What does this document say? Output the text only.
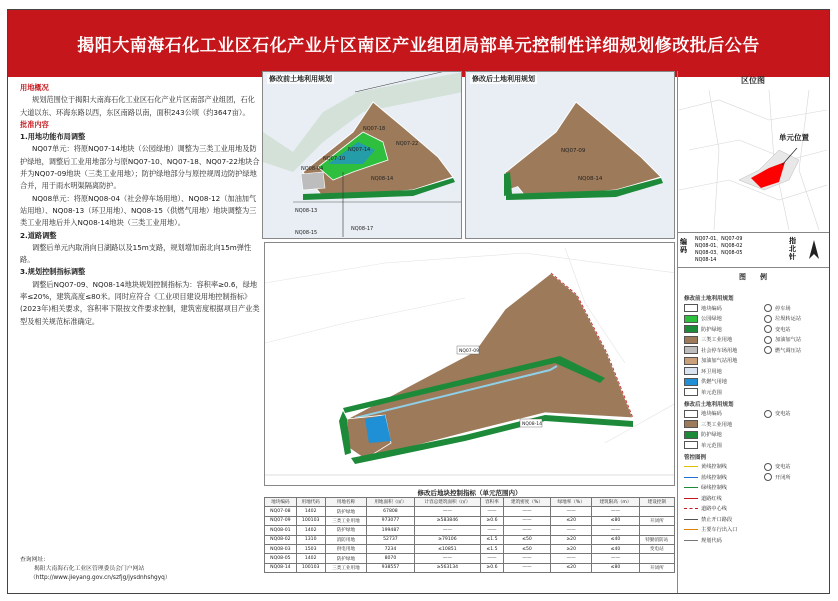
揭阳大南海石化工业区石化产业片区南区产业组团局部单元控制性详细规划修改批后公告
用地概况

规划范围位于揭阳大南海石化工业区石化产业片区南部产业组团，石化大道以东、环海东路以西，东区南路以南，面积243公顷（约3647亩）。

批准内容
1.用地功能布局调整

NQ07单元：将原NQ07-14地块（公园绿地）调整为三类工业用地及防护绿地，调整后工业用地部分与原NQ07-10、NQ07-18、NQ07-22地块合并为NQ07-09地块（三类工业用地）；防护绿地部分与原控规周边防护绿地合并，用于雨水明渠隔离防护。

NQ08单元：将原NQ08-04（社会停车场用地）、NQ08-12（加油加气站用地）、NQ08-13（环卫用地）、NQ08-15（供燃气用地）地块调整为三类工业用地后并入NQ08-14地块（三类工业用地）。

2.道路调整

调整后单元内取消向日湖路以及15m支路，规划增加南北向15m弹性路。

3.规划控制指标调整

调整后NQ07-09、NQ08-14地块规划控制指标为：容积率≥0.6，绿地率≤20%，建筑高度≤80米。同时应符合《工业项目建设用地控制指标》(2023年)相关要求，容积率下限按文件要求控制，建筑密度根据项目产业类型及相关规范标准确定。

查询网址：
揭阳大南海石化工业区管理委员会门户网站
（http://www.jieyang.gov.cn/szfjg/jysdnhshgyq）
NQ07-18
NQ07-14
NQ07-22
NQ07-10
NQ08-04
NQ08-14
NQ08-13
NQ08-15
NQ08-17
修改前土地利用规划
NQ07-09
NQ08-14
修改后土地利用规划
NQ07-09
NQ08-14
修改后地块控制指标（单元范围内）
地块编码	用地代码	用地名称	用地面积（㎡）	计容总建筑面积（㎡）	容积率	建筑密度（%）	绿地率（%）	建筑限高（m）	建设控制
NQ07-08	1402	防护绿地	67808	——	——	——	——	——	
NQ07-09	100103	三类工业用地	973077	≥583846	≥0.6	——	≤20	≤80	开闭所
NQ08-01	1402	防护绿地	199487	——	——	——	——	——	
NQ08-02	1310	消防用地	52737	≥79106	≤1.5	≤50	≥20	≤40	特勤消防站
NQ08-03	1503	供电用地	7234	≤10851	≤1.5	≤50	≥20	≤40	变电站
NQ08-05	1402	防护绿地	8070	——	——	——	——	——	
NQ08-14	100103	三类工业用地	938557	≥563134	≥0.6	——	≤20	≤80	开闭所
区位图
单元位置
编
码
NQ07-01、NQ07-09
NQ08-01、NQ08-02
NQ08-03、NQ08-05
NQ08-14
指
北
针
图　　例
修改前土地利用规划
地块编码
公园绿地
防护绿地
三类工业用地
社会停车场用地
加油加气站用地
环卫用地
供燃气用地
单元范围
停车场
垃圾转运站
变电站
加油加气站
燃气调压站
修改后土地利用规划
地块编码
三类工业用地
防护绿地
单元范围
变电站
管控图例
黄线控制线
蓝线控制线
绿线控制线
道路红线
道路中心线
禁止开口路段
主要车行出入口
规划代码
变电站
开闭所
